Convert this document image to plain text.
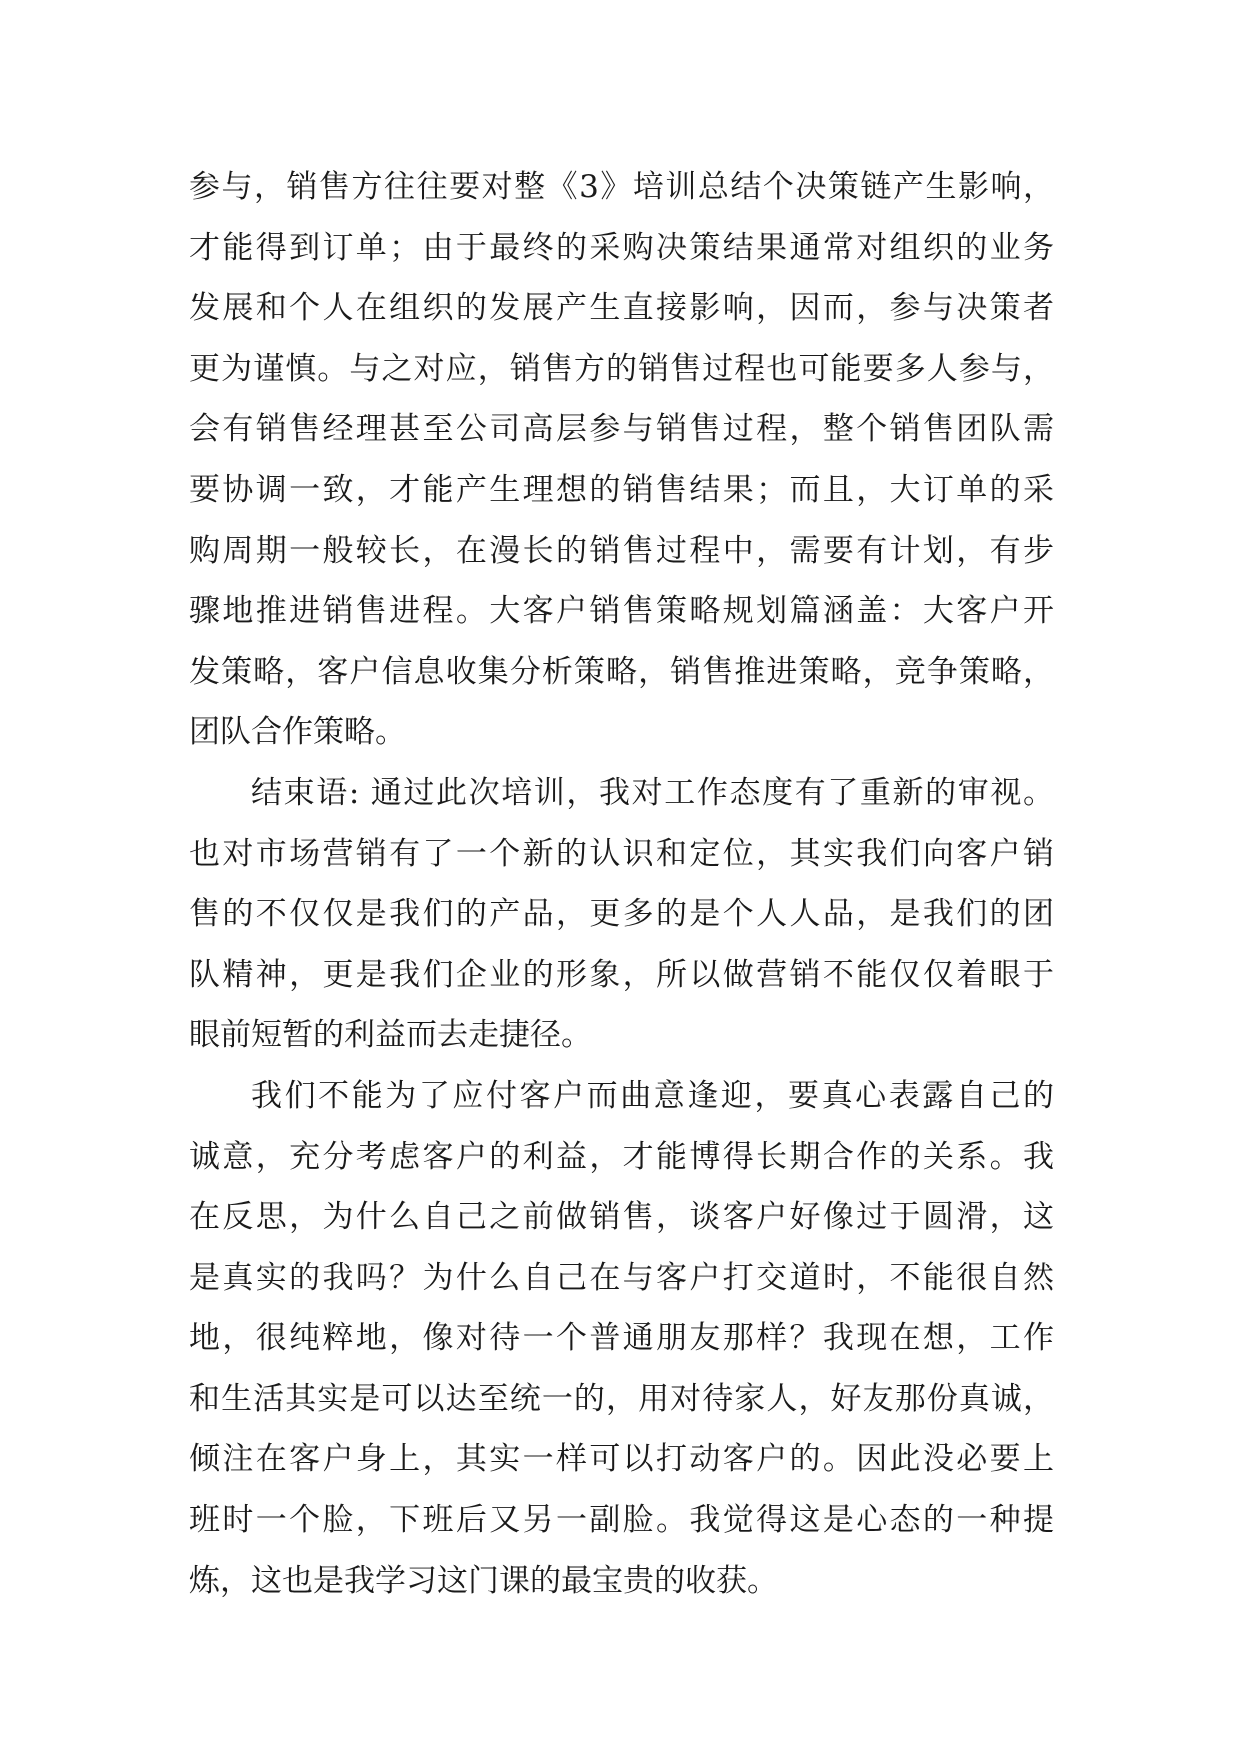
参与，销售方往往要对整《3》培训总结个决策链产生影响，
才能得到订单；由于最终的采购决策结果通常对组织的业务
发展和个人在组织的发展产生直接影响，因而，参与决策者
更为谨慎。与之对应，销售方的销售过程也可能要多人参与，
会有销售经理甚至公司高层参与销售过程，整个销售团队需
要协调一致，才能产生理想的销售结果；而且，大订单的采
购周期一般较长，在漫长的销售过程中，需要有计划，有步
骤地推进销售进程。大客户销售策略规划篇涵盖：大客户开
发策略，客户信息收集分析策略，销售推进策略，竞争策略，
团队合作策略。
结束语: 通过此次培训，我对工作态度有了重新的审视。
也对市场营销有了一个新的认识和定位，其实我们向客户销
售的不仅仅是我们的产品，更多的是个人人品，是我们的团
队精神，更是我们企业的形象，所以做营销不能仅仅着眼于
眼前短暂的利益而去走捷径。
我们不能为了应付客户而曲意逢迎，要真心表露自己的
诚意，充分考虑客户的利益，才能博得长期合作的关系。我
在反思，为什么自己之前做销售，谈客户好像过于圆滑，这
是真实的我吗？为什么自己在与客户打交道时，不能很自然
地，很纯粹地，像对待一个普通朋友那样？我现在想，工作
和生活其实是可以达至统一的，用对待家人，好友那份真诚，
倾注在客户身上，其实一样可以打动客户的。因此没必要上
班时一个脸，下班后又另一副脸。我觉得这是心态的一种提
炼，这也是我学习这门课的最宝贵的收获。
